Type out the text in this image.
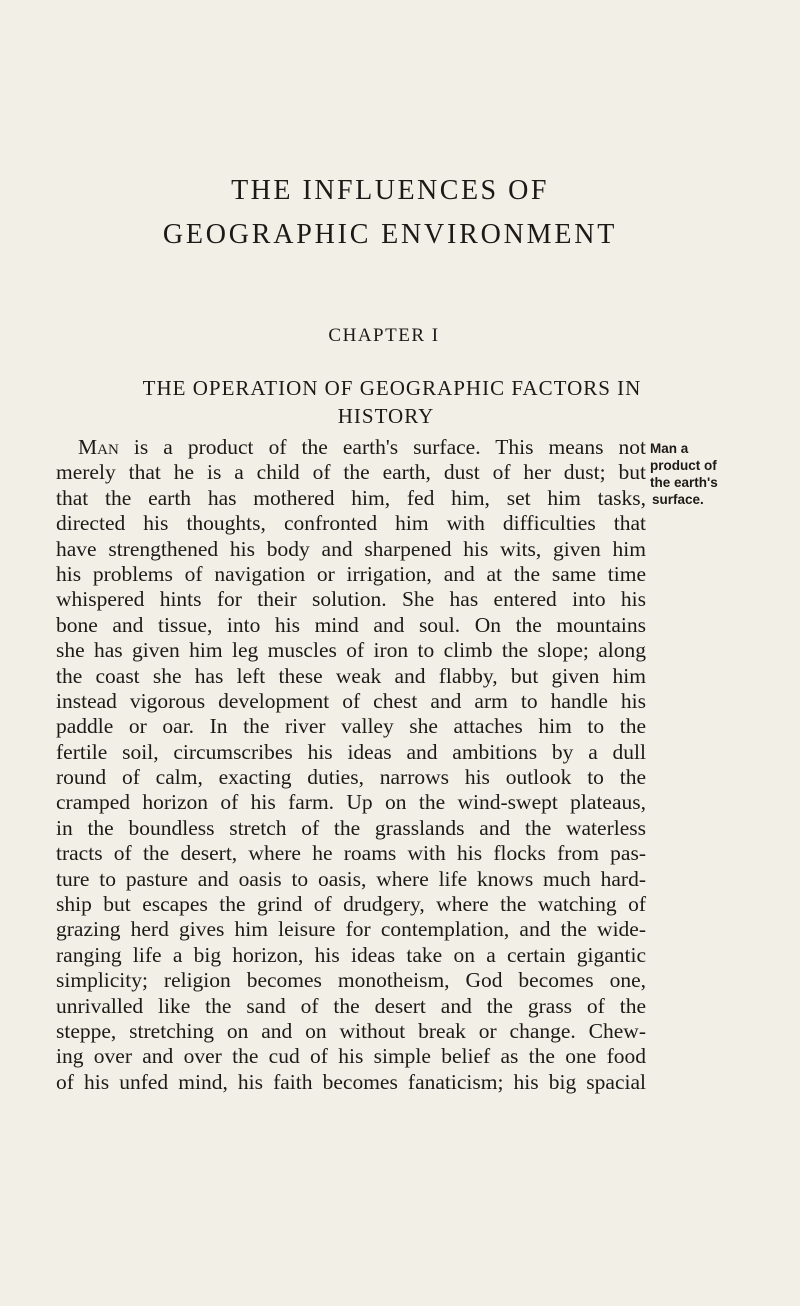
THE INFLUENCES OF
GEOGRAPHIC ENVIRONMENT
CHAPTER I
THE OPERATION OF GEOGRAPHIC FACTORS IN
HISTORY
Man is a product of the earth's surface. This means not
merely that he is a child of the earth, dust of her dust; but
that the earth has mothered him, fed him, set him tasks,
directed his thoughts, confronted him with difficulties that
have strengthened his body and sharpened his wits, given him
his problems of navigation or irrigation, and at the same time
whispered hints for their solution. She has entered into his
bone and tissue, into his mind and soul. On the mountains
she has given him leg muscles of iron to climb the slope; along
the coast she has left these weak and flabby, but given him
instead vigorous development of chest and arm to handle his
paddle or oar. In the river valley she attaches him to the
fertile soil, circumscribes his ideas and ambitions by a dull
round of calm, exacting duties, narrows his outlook to the
cramped horizon of his farm. Up on the wind-swept plateaus,
in the boundless stretch of the grasslands and the waterless
tracts of the desert, where he roams with his flocks from pas-
ture to pasture and oasis to oasis, where life knows much hard-
ship but escapes the grind of drudgery, where the watching of
grazing herd gives him leisure for contemplation, and the wide-
ranging life a big horizon, his ideas take on a certain gigantic
simplicity; religion becomes monotheism, God becomes one,
unrivalled like the sand of the desert and the grass of the
steppe, stretching on and on without break or change. Chew-
ing over and over the cud of his simple belief as the one food
of his unfed mind, his faith becomes fanaticism; his big spacial
Man a
product of
the earth's
surface.
